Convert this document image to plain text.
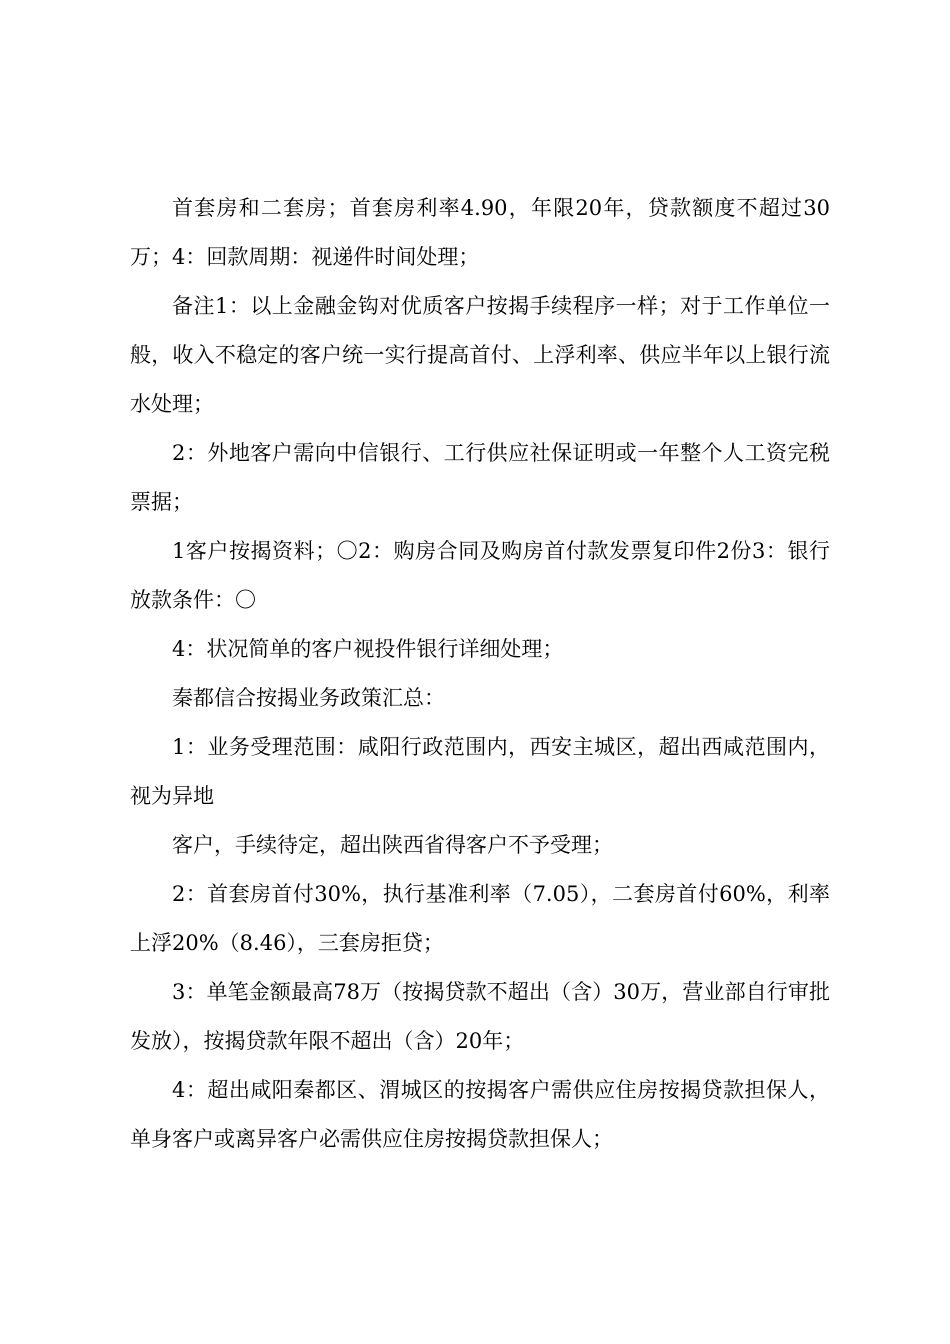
首套房和二套房；首套房利率4.90，年限20年，贷款额度不超过30万；4：回款周期：视递件时间处理；

备注1：以上金融金钩对优质客户按揭手续程序一样；对于工作单位一般，收入不稳定的客户统一实行提高首付、上浮利率、供应半年以上银行流水处理；

2：外地客户需向中信银行、工行供应社保证明或一年整个人工资完税票据；

1客户按揭资料；〇2：购房合同及购房首付款发票复印件2份3：银行放款条件：〇

4：状况简单的客户视投件银行详细处理；

秦都信合按揭业务政策汇总：

1：业务受理范围：咸阳行政范围内，西安主城区，超出西咸范围内，视为异地

客户，手续待定，超出陕西省得客户不予受理；

2：首套房首付30%，执行基准利率（7.05），二套房首付60%，利率上浮20%（8.46），三套房拒贷；

3：单笔金额最高78万（按揭贷款不超出（含）30万，营业部自行审批发放），按揭贷款年限不超出（含）20年；

4：超出咸阳秦都区、渭城区的按揭客户需供应住房按揭贷款担保人，单身客户或离异客户必需供应住房按揭贷款担保人；
